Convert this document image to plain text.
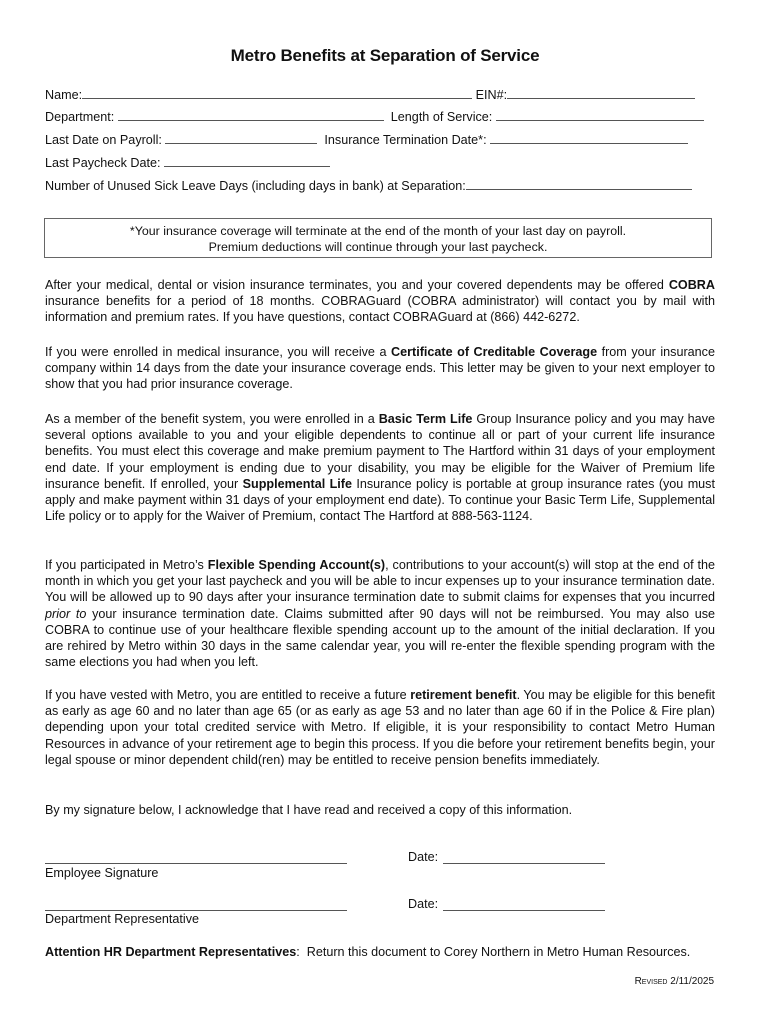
Metro Benefits at Separation of Service
Name:	EIN#:
Department:	Length of Service:
Last Date on Payroll:	Insurance Termination Date*:
Last Paycheck Date:
Number of Unused Sick Leave Days (including days in bank) at Separation:
*Your insurance coverage will terminate at the end of the month of your last day on payroll.
Premium deductions will continue through your last paycheck.
After your medical, dental or vision insurance terminates, you and your covered dependents may be offered COBRA insurance benefits for a period of 18 months. COBRAGuard (COBRA administrator) will contact you by mail with information and premium rates. If you have questions, contact COBRAGuard at (866) 442-6272.
If you were enrolled in medical insurance, you will receive a Certificate of Creditable Coverage from your insurance company within 14 days from the date your insurance coverage ends. This letter may be given to your next employer to show that you had prior insurance coverage.
As a member of the benefit system, you were enrolled in a Basic Term Life Group Insurance policy and you may have several options available to you and your eligible dependents to continue all or part of your current life insurance benefits. You must elect this coverage and make premium payment to The Hartford within 31 days of your employment end date. If your employment is ending due to your disability, you may be eligible for the Waiver of Premium life insurance benefit. If enrolled, your Supplemental Life Insurance policy is portable at group insurance rates (you must apply and make payment within 31 days of your employment end date). To continue your Basic Term Life, Supplemental Life policy or to apply for the Waiver of Premium, contact The Hartford at 888-563-1124.
If you participated in Metro’s Flexible Spending Account(s), contributions to your account(s) will stop at the end of the month in which you get your last paycheck and you will be able to incur expenses up to your insurance termination date. You will be allowed up to 90 days after your insurance termination date to submit claims for expenses that you incurred prior to your insurance termination date. Claims submitted after 90 days will not be reimbursed. You may also use COBRA to continue use of your healthcare flexible spending account up to the amount of the initial declaration. If you are rehired by Metro within 30 days in the same calendar year, you will re-enter the flexible spending program with the same elections you had when you left.
If you have vested with Metro, you are entitled to receive a future retirement benefit. You may be eligible for this benefit as early as age 60 and no later than age 65 (or as early as age 53 and no later than age 60 if in the Police & Fire plan) depending upon your total credited service with Metro. If eligible, it is your responsibility to contact Metro Human Resources in advance of your retirement age to begin this process. If you die before your retirement benefits begin, your legal spouse or minor dependent child(ren) may be entitled to receive pension benefits immediately.
By my signature below, I acknowledge that I have read and received a copy of this information.
Employee Signature
Date:
Department Representative
Date:
Attention HR Department Representatives:  Return this document to Corey Northern in Metro Human Resources.
Revised 2/11/2025
